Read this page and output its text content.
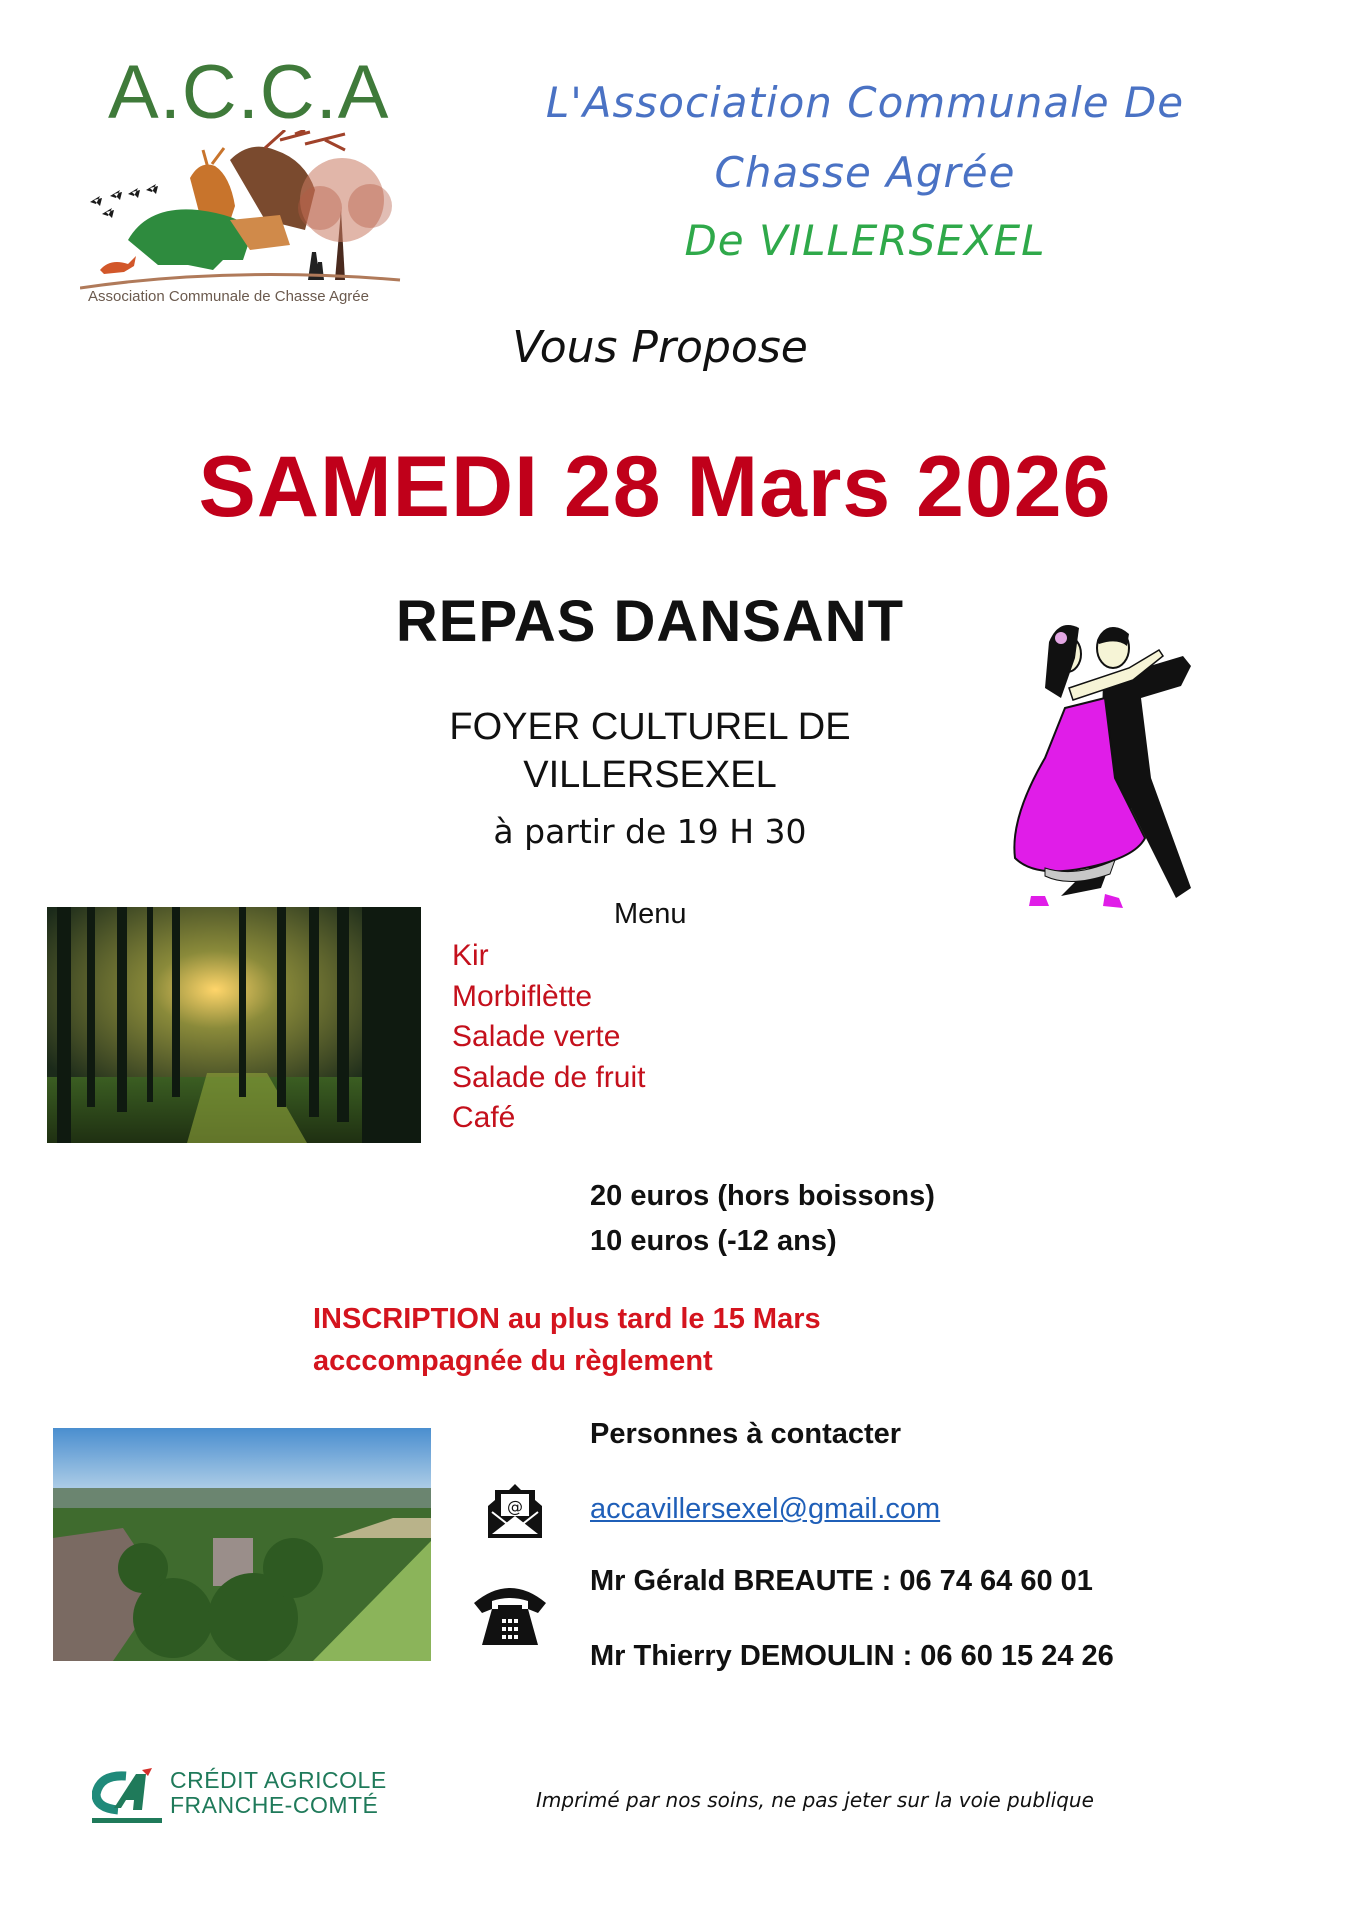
A.C.C.A
Association Communale de Chasse Agrée
L'Association Communale De
Chasse Agrée
De VILLERSEXEL
Vous Propose
SAMEDI 28 Mars 2026
REPAS DANSANT
FOYER CULTUREL DE
VILLERSEXEL
à partir de 19 H 30
Menu
Kir
Morbiflètte
Salade verte
Salade de fruit
Café
20 euros (hors boissons)
10 euros (-12 ans)
INSCRIPTION au plus tard le 15 Mars
acccompagnée du règlement
Personnes à contacter
@ accavillersexel@gmail.com
Mr Gérald BREAUTE : 06 74 64 60 01
Mr Thierry DEMOULIN : 06 60 15 24 26
CRÉDIT AGRICOLE
FRANCHE-COMTÉ	Imprimé par nos soins, ne pas jeter sur la voie publique
